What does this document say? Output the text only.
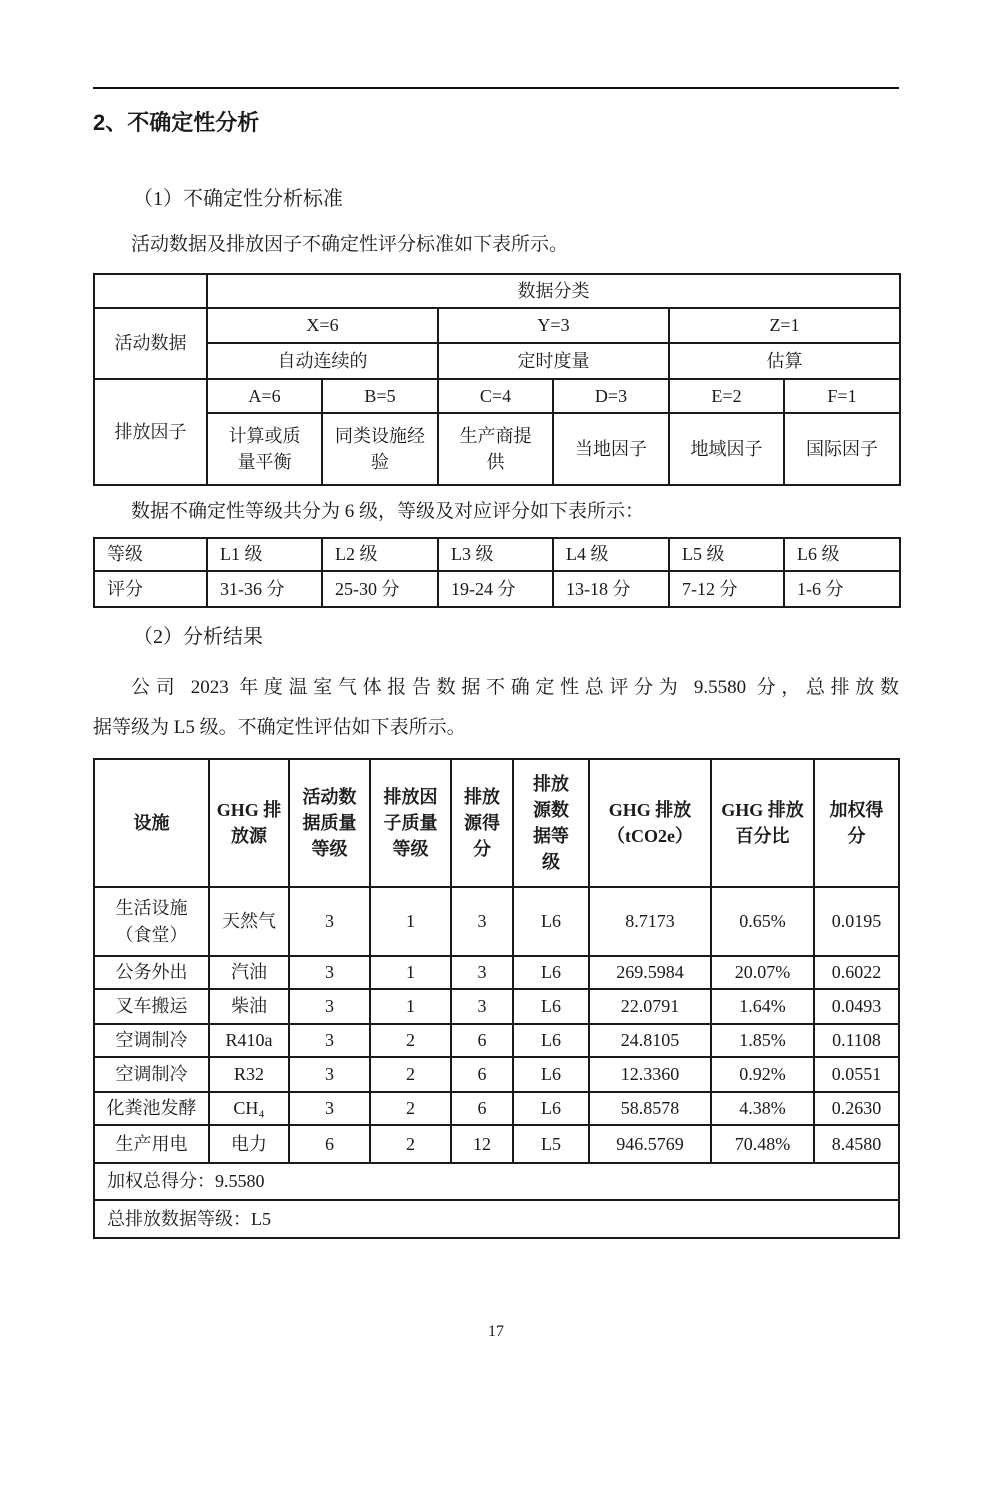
2、不确定性分析
（1）不确定性分析标准
活动数据及排放因子不确定性评分标准如下表所示。
	数据分类					
活动数据	X=6		Y=3		Z=1	
	自动连续的		定时度量		估算	
排放因子	A=6	B=5	C=4	D=3	E=2	F=1
	计算或质量平衡	同类设施经验	生产商提供	当地因子	地域因子	国际因子
数据不确定性等级共分为 6 级，等级及对应评分如下表所示：
等级	L1 级	L2 级	L3 级	L4 级	L5 级	L6 级
评分	31-36 分	25-30 分	19-24 分	13-18 分	7-12 分	1-6 分
（2）分析结果
公司 2023 年度温室气体报告数据不确定性总评分为 9.5580 分，总排放数
据等级为 L5 级。不确定性评估如下表所示。
设施	GHG 排放源	活动数据质量等级	排放因子质量等级	排放源得分	排放源数据等级	GHG 排放（tCO2e）	GHG 排放百分比	加权得分
生活设施（食堂）	天然气	3	1	3	L6	8.7173	0.65%	0.0195
公务外出	汽油	3	1	3	L6	269.5984	20.07%	0.6022
叉车搬运	柴油	3	1	3	L6	22.0791	1.64%	0.0493
空调制冷	R410a	3	2	6	L6	24.8105	1.85%	0.1108
空调制冷	R32	3	2	6	L6	12.3360	0.92%	0.0551
化粪池发酵	CH₄	3	2	6	L6	58.8578	4.38%	0.2630
生产用电	电力	6	2	12	L5	946.5769	70.48%	8.4580
加权总得分：9.5580								
总排放数据等级：L5								
17
